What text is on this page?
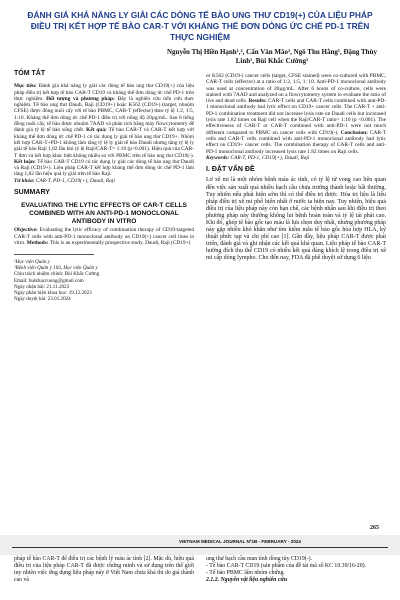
ĐÁNH GIÁ KHẢ NĂNG LY GIẢI CÁC DÒNG TẾ BÀO UNG THƯ CD19(+) CỦA LIỆU PHÁP ĐIỀU TRỊ KẾT HỢP TẾ BÀO CAR-T VỚI KHÁNG THỂ ĐƠN DÒNG ỨC CHẾ PD-1 TRÊN THỰC NGHIỆM
Nguyễn Thị Hiền Hạnh¹,², Cấn Văn Mão², Ngô Thu Hằng¹, Đặng Thùy Linh¹, Bùi Khắc Cường¹
TÓM TẮT

Mục tiêu: Đánh giá khả năng ly giải các dòng tế bào ung thư CD19(+) của liệu pháp điều trị kết hợp tế bào CAR-T CD19 và kháng thể đơn dòng ức chế PD-1 trên thực nghiệm. Đối tượng và phương pháp: Đây là nghiên cứu tiến cứu thực nghiệm. Tế bào ung thư Daudi, Raji (CD19+) hoặc K562 (CD19-) (target, nhuộm CFSE) được đồng nuôi cấy với tế bào PBMC, CAR-T (effector) theo tỷ lệ 1:2, 1:5, 1:10. Kháng thể đơn dòng ức chế PD-1 điều trị với nồng độ 20µg/mL. Sau 6 tiếng đồng nuôi cấy, tế bào được nhuộm 7AAD và phân tích bằng máy flowcytometry để đánh giá tỷ lệ tế bào sống chết. Kết quả: Tế bào CAR-T và CAR-T kết hợp với kháng thể đơn dòng ức chế PD-1 có tác dụng ly giải tế bào ung thư CD19+. Nhóm kết hợp CAR-T+PD-1 không làm tăng tỷ lệ ly giải tế bào Daudi nhưng tăng tỷ lệ ly giải tế bào Raji 1,82 lần khi tỷ lệ Raji/CAR-T= 1:10 (p<0.001). Hiệu quả của CAR-T đơn và kết hợp khác biệt không nhiều so với PBMC trên tế bào ung thư CD19(-). Kết luận: Tế bào CAR-T CD19 có tác dụng ly giải các dòng tế bào ung thư Daudi và Raji (CD19+). Liệu pháp CAR-T kết hợp kháng thể đơn dòng ức chế PD-1 làm tăng 1,82 lần hiệu quả ly giải trên tế bào Raji.

Từ khóa: CAR-T, PD-1, CD19(+), Daudi, Raji

SUMMARY
EVALUATING THE LYTIC EFFECTS OF CAR-T CELLS COMBINED WITH AN ANTI-PD-1 MONOCLONAL ANTIBODY IN VITRO

Objective: Evaluating the lytic efficacy of combination therapy of CD19-targeted CAR-T cells with anti-PD-1 monoclonal antibody on CD19(+) cancer cell lines in vitro. Methods: This is an experimentally prospective study. Daudi, Raji (CD19+)

¹Học viện Quân y
²Bệnh viện Quân y 103, Học viện Quân y
Chịu trách nhiệm chính: Bùi Khắc Cường
Email: buikhaccuong@gmail.com
Ngày nhận bài: 21.11.2023
Ngày phản biện khoa học: 19.12.2023
Ngày duyệt bài: 23.01.2024

or K562 (CD19-) cancer cells (target, CFSE stained) were co-cultured with PBMC, CAR-T cells (effector) at a ratio of 1:2, 1:5, 1: 10. Anti-PD-1 monoclonal antibody was used at concentration of 20µg/mL. After 6 hours of co-culture, cells were stained with 7AAD and analyzed on a flowcytometry system to evaluate the ratio of live and dead cells. Results: CAR-T cells and CAR-T cells combined with anti-PD-1 monoclonal antibody had lytic effect on CD19+ cancer cells. The CAR-T + anti-PD-1 combination treatment did not increase lysis rate on Daudi cells but increased lysis rate 1.82 times on Raji cell when the Raji/CAR-T ratio= 1:10 (p <0.001). The effectiveness of CAR-T or CAR-T combined with anti-PD-1 were not much different compared to PBMC on cancer cells with CD19(-). Conclusion: CAR-T cells and CAR-T cells combined with anti-PD-1 monoclonal antibody had lytic effect on CD19+ cancer cells. The combination therapy of CAR-T cells and anti-PD-1 monoclonal antibody increased lysis rate 1.82 times on Raji cells.

Keywords: CAR-T, PD-1, CD19(+), Daudi, Raji

I. ĐẶT VẤN ĐỀ

Lơ xê mi là một nhóm bệnh máu ác tính, có tỷ lệ tử vong cao liên quan đến việc sản xuất quá nhiều bạch cầu chưa trưởng thành hoặc bất thường. Tuy nhiên nếu phát hiện sớm thì có thể điều trị được. Hóa trị liệu là liệu pháp điều trị xê mi phổ biến nhất ở nước ta hiện nay. Tuy nhiên, hiệu quả điều trị của liệu pháp này còn hạn chế, các bệnh nhân sau khi điều trị theo phương pháp này thường không lui bệnh hoàn toàn và tỷ lệ tái phát cao. Khi đó, ghép tế bào gốc tạo máu là lựa chọn duy nhất, nhưng phương pháp này gặp nhiều khó khăn như tìm kiếm mẫu tế bào gốc hòa hợp HLA, kỹ thuật phức tạp và chi phí cao [1]. Gần đây, liệu pháp CAR-T được phát triển, đánh giá và ghi nhận các kết quả khả quan. Liệu pháp tế bào CAR-T hướng đích thụ thể CD19 có nhiều kết quả đáng khích lệ trong điều trị xê mi cấp dòng lympho. Cho đến nay, FDA đã phê duyệt sử dụng 6 liệu

265
VIETNAM MEDICAL JOURNAL Nº1B - FEBRUARY - 2024
pháp tế bào CAR-T để điều trị các bệnh lý máu ác tính [2]. Mặc dù, hiệu quả điều trị của liệu pháp CAR-T đã được chứng minh và sử dụng trên thế giới tuy nhiên việc ứng dụng liệu pháp này ở Việt Nam chưa khả thi do giá thành cao và

ung thư bạch cầu man tính dòng tủy CD19(-).

- Tế bào CAR-T CD19 (sản phẩm của đề tài mã số KC 10.39/16-20).

- Tế bào PBMC lấm nhóm chứng.

2.1.2. Nguyên vật liệu nghiên cứu
